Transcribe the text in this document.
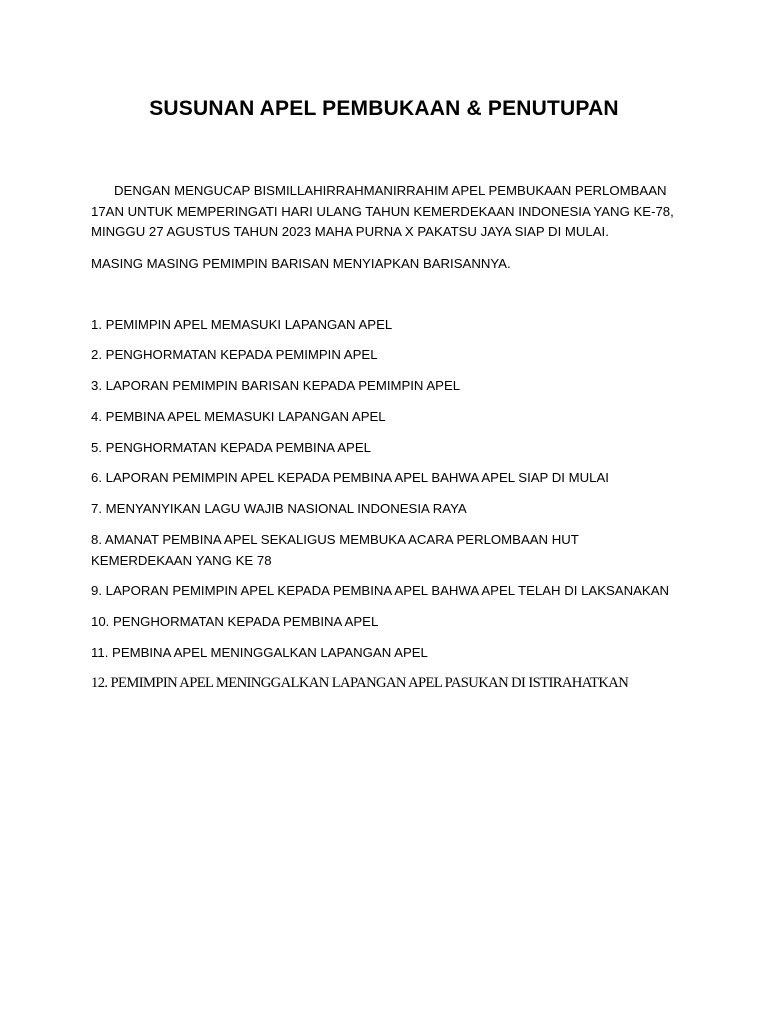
SUSUNAN APEL PEMBUKAAN & PENUTUPAN

DENGAN MENGUCAP BISMILLAHIRRAHMANIRRAHIM APEL PEMBUKAAN PERLOMBAAN
17AN UNTUK MEMPERINGATI HARI ULANG TAHUN KEMERDEKAAN INDONESIA YANG KE-78,
MINGGU 27 AGUSTUS TAHUN 2023 MAHA PURNA X PAKATSU JAYA SIAP DI MULAI.

MASING MASING PEMIMPIN BARISAN MENYIAPKAN BARISANNYA.

1. PEMIMPIN APEL MEMASUKI LAPANGAN APEL

2. PENGHORMATAN KEPADA PEMIMPIN APEL

3. LAPORAN PEMIMPIN BARISAN KEPADA PEMIMPIN APEL

4. PEMBINA APEL MEMASUKI LAPANGAN APEL

5. PENGHORMATAN KEPADA PEMBINA APEL

6. LAPORAN PEMIMPIN APEL KEPADA PEMBINA APEL BAHWA APEL SIAP DI MULAI

7. MENYANYIKAN LAGU WAJIB NASIONAL INDONESIA RAYA

8. AMANAT PEMBINA APEL SEKALIGUS MEMBUKA ACARA PERLOMBAAN HUT KEMERDEKAAN YANG KE 78

9. LAPORAN PEMIMPIN APEL KEPADA PEMBINA APEL BAHWA APEL TELAH DI LAKSANAKAN

10. PENGHORMATAN KEPADA PEMBINA APEL

11. PEMBINA APEL MENINGGALKAN LAPANGAN APEL

12. PEMIMPIN APEL MENINGGALKAN LAPANGAN APEL PASUKAN DI ISTIRAHATKAN
